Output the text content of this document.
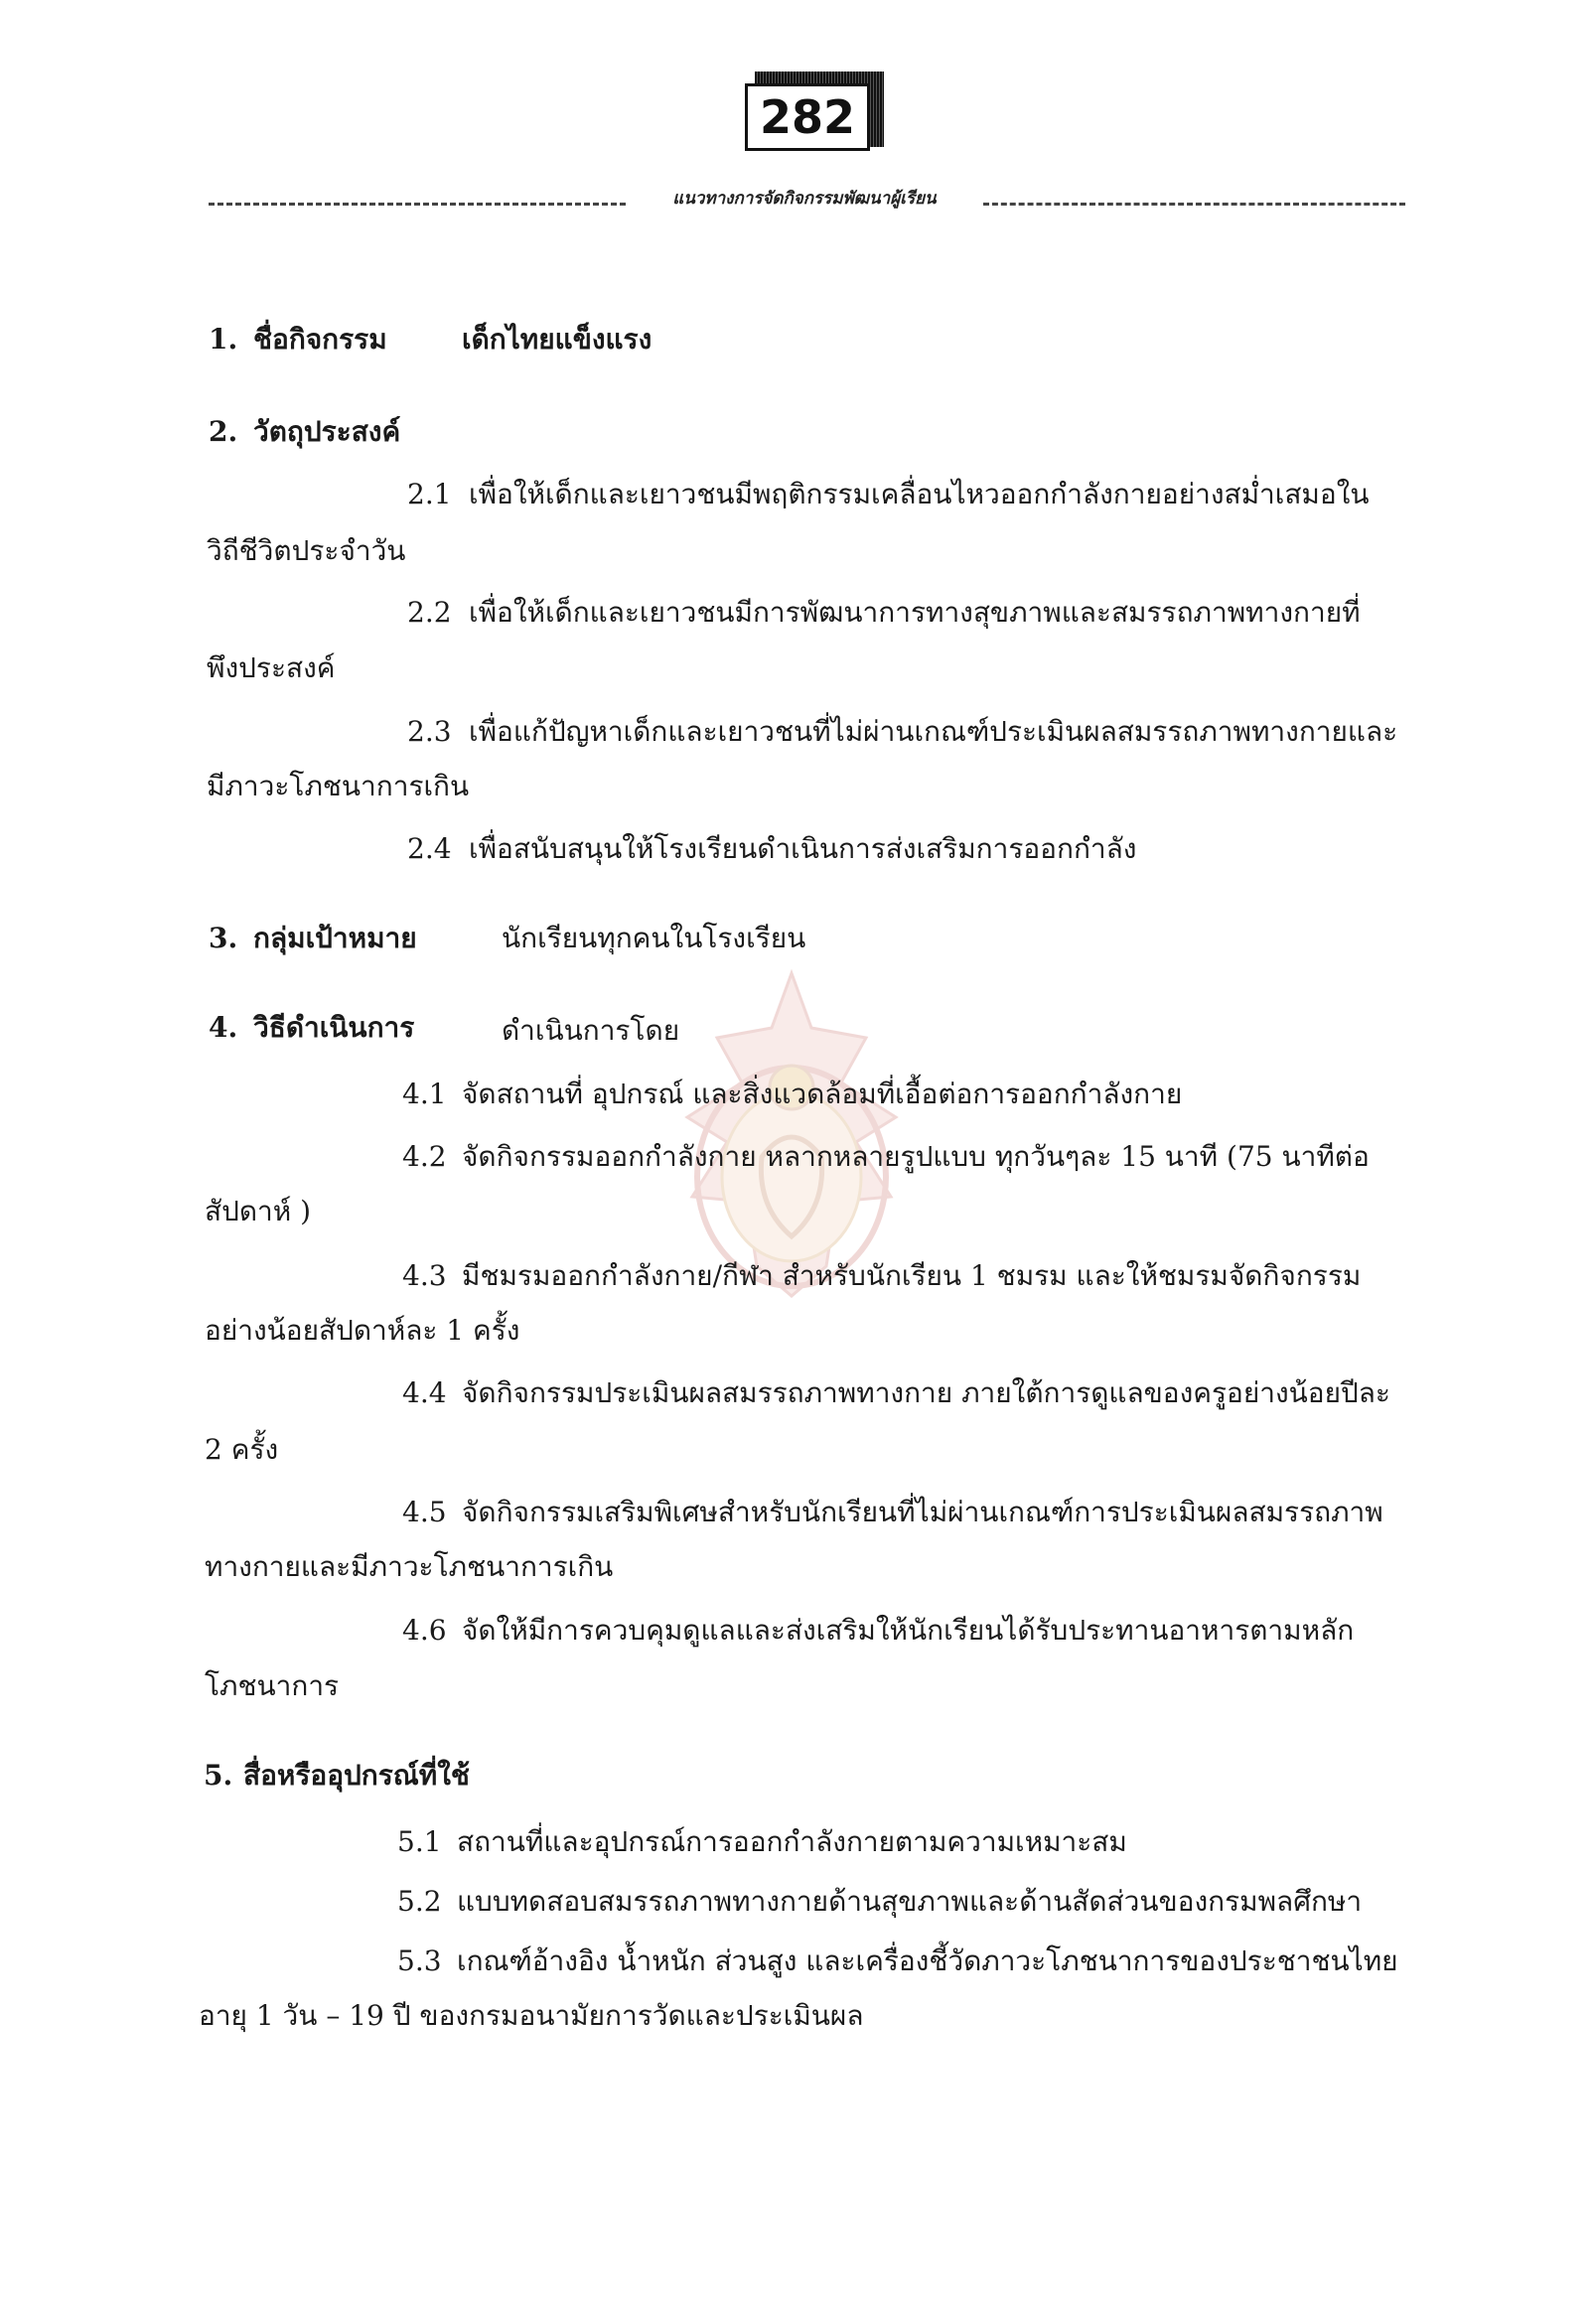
282
แนวทางการจัดกิจกรรมพัฒนาผู้เรียน
1. ชื่อกิจกรรม	เด็กไทยแข็งแรง
2. วัตถุประสงค์
2.1 เพื่อให้เด็กและเยาวชนมีพฤติกรรมเคลื่อนไหวออกกำลังกายอย่างสม่ำเสมอใน
วิถีชีวิตประจำวัน
2.2 เพื่อให้เด็กและเยาวชนมีการพัฒนาการทางสุขภาพและสมรรถภาพทางกายที่
พึงประสงค์
2.3 เพื่อแก้ปัญหาเด็กและเยาวชนที่ไม่ผ่านเกณฑ์ประเมินผลสมรรถภาพทางกายและ
มีภาวะโภชนาการเกิน
2.4 เพื่อสนับสนุนให้โรงเรียนดำเนินการส่งเสริมการออกกำลัง
3. กลุ่มเป้าหมาย	นักเรียนทุกคนในโรงเรียน
4. วิธีดำเนินการ	ดำเนินการโดย
4.1 จัดสถานที่ อุปกรณ์ และสิ่งแวดล้อมที่เอื้อต่อการออกกำลังกาย
4.2 จัดกิจกรรมออกกำลังกาย หลากหลายรูปแบบ ทุกวันๆละ 15 นาที (75 นาทีต่อ
สัปดาห์ )
4.3 มีชมรมออกกำลังกาย/กีฬา สำหรับนักเรียน 1 ชมรม และให้ชมรมจัดกิจกรรม
อย่างน้อยสัปดาห์ละ 1 ครั้ง
4.4 จัดกิจกรรมประเมินผลสมรรถภาพทางกาย ภายใต้การดูแลของครูอย่างน้อยปีละ
2 ครั้ง
4.5 จัดกิจกรรมเสริมพิเศษสำหรับนักเรียนที่ไม่ผ่านเกณฑ์การประเมินผลสมรรถภาพ
ทางกายและมีภาวะโภชนาการเกิน
4.6 จัดให้มีการควบคุมดูแลและส่งเสริมให้นักเรียนได้รับประทานอาหารตามหลัก
โภชนาการ
5. สื่อหรืออุปกรณ์ที่ใช้
5.1 สถานที่และอุปกรณ์การออกกำลังกายตามความเหมาะสม
5.2 แบบทดสอบสมรรถภาพทางกายด้านสุขภาพและด้านสัดส่วนของกรมพลศึกษา
5.3 เกณฑ์อ้างอิง น้ำหนัก ส่วนสูง และเครื่องชี้วัดภาวะโภชนาการของประชาชนไทย
อายุ 1 วัน – 19 ปี ของกรมอนามัยการวัดและประเมินผล
